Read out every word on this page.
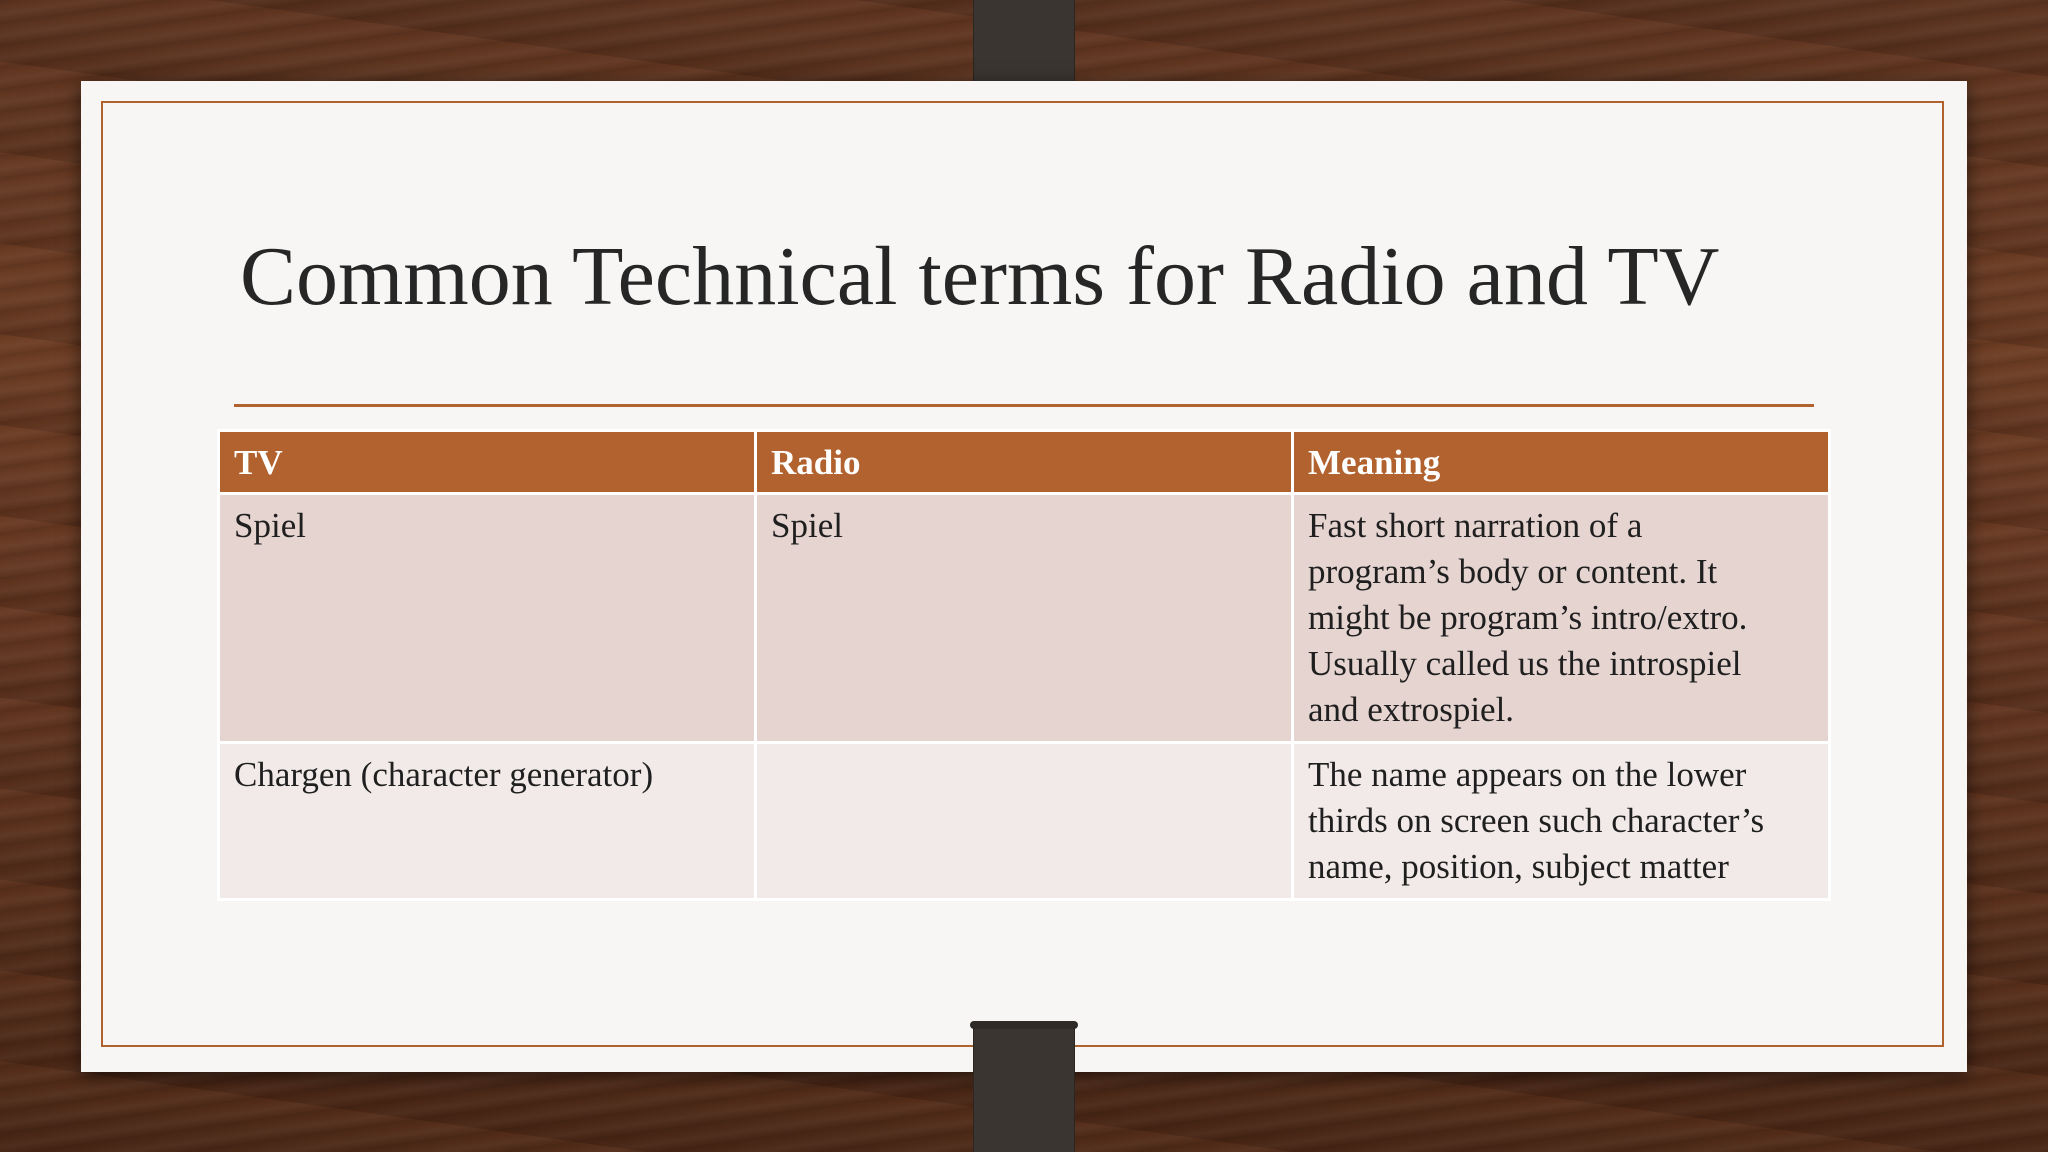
Common Technical terms for Radio and TV
TV	Radio	Meaning
Spiel	Spiel	Fast short narration of a
program’s body or content. It
might be program’s intro/extro.
Usually called us the introspiel
and extrospiel.
Chargen (character generator)		The name appears on the lower
thirds on screen such character’s
name, position, subject matter
